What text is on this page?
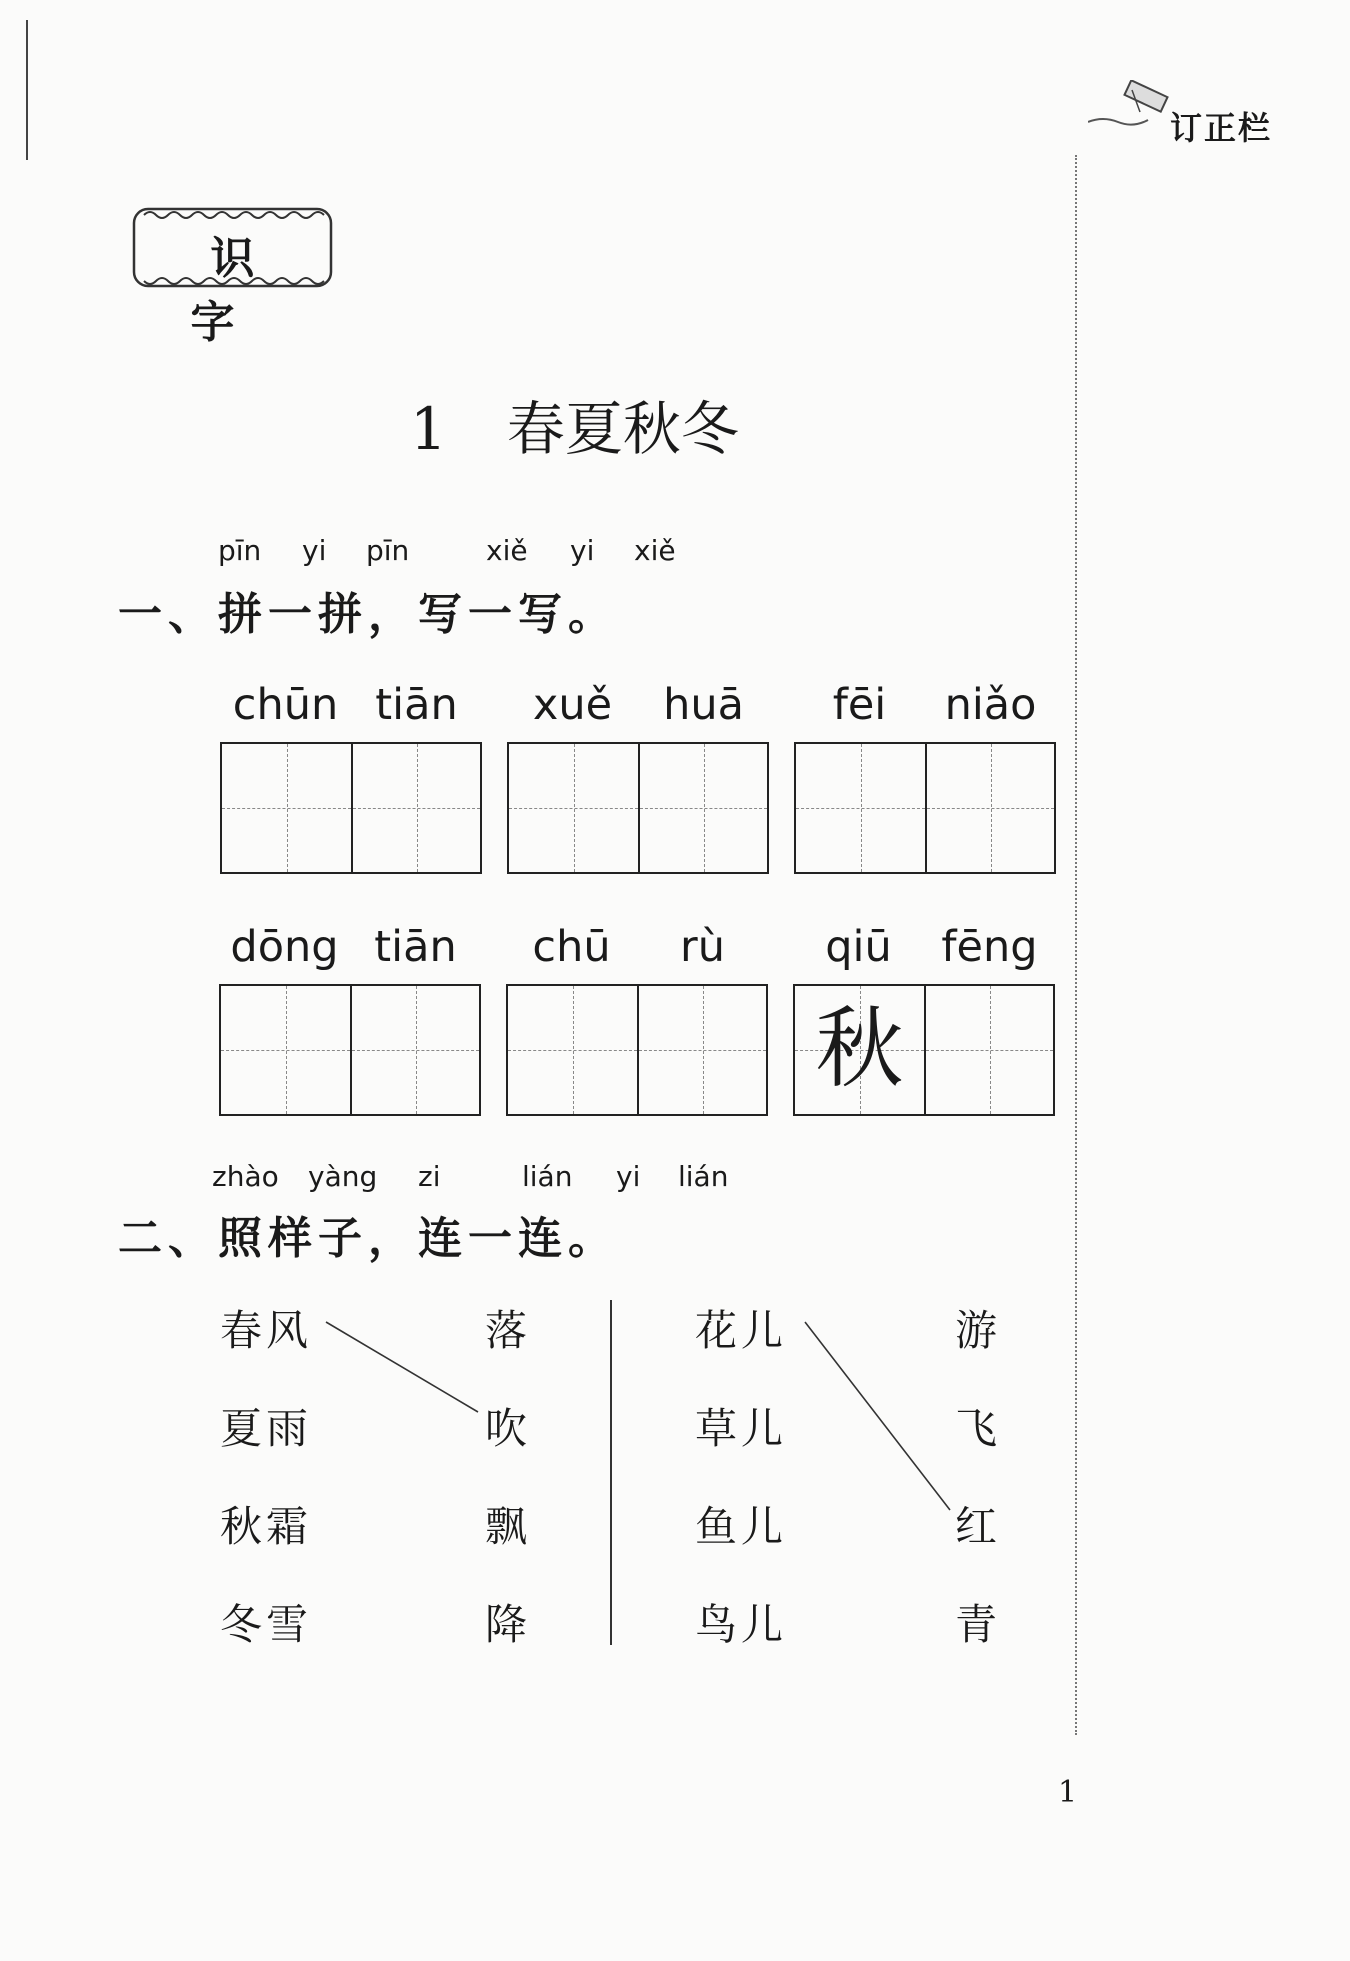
订正栏
识字
1 春夏秋冬
pīn	yi pīn	xiě yi xiě
一、拼一拼，写一写。
chūn tiān	xuě	huā	fēi	niǎo
dōng tiān	chū	rù	qiū	fēng
秋
zhào yàng zi	lián yi lián
二、照样子，连一连。
春风
夏雨
秋霜
冬雪
落
吹
飘
降
花儿
草儿
鱼儿
鸟儿
游
飞
红
青
1
